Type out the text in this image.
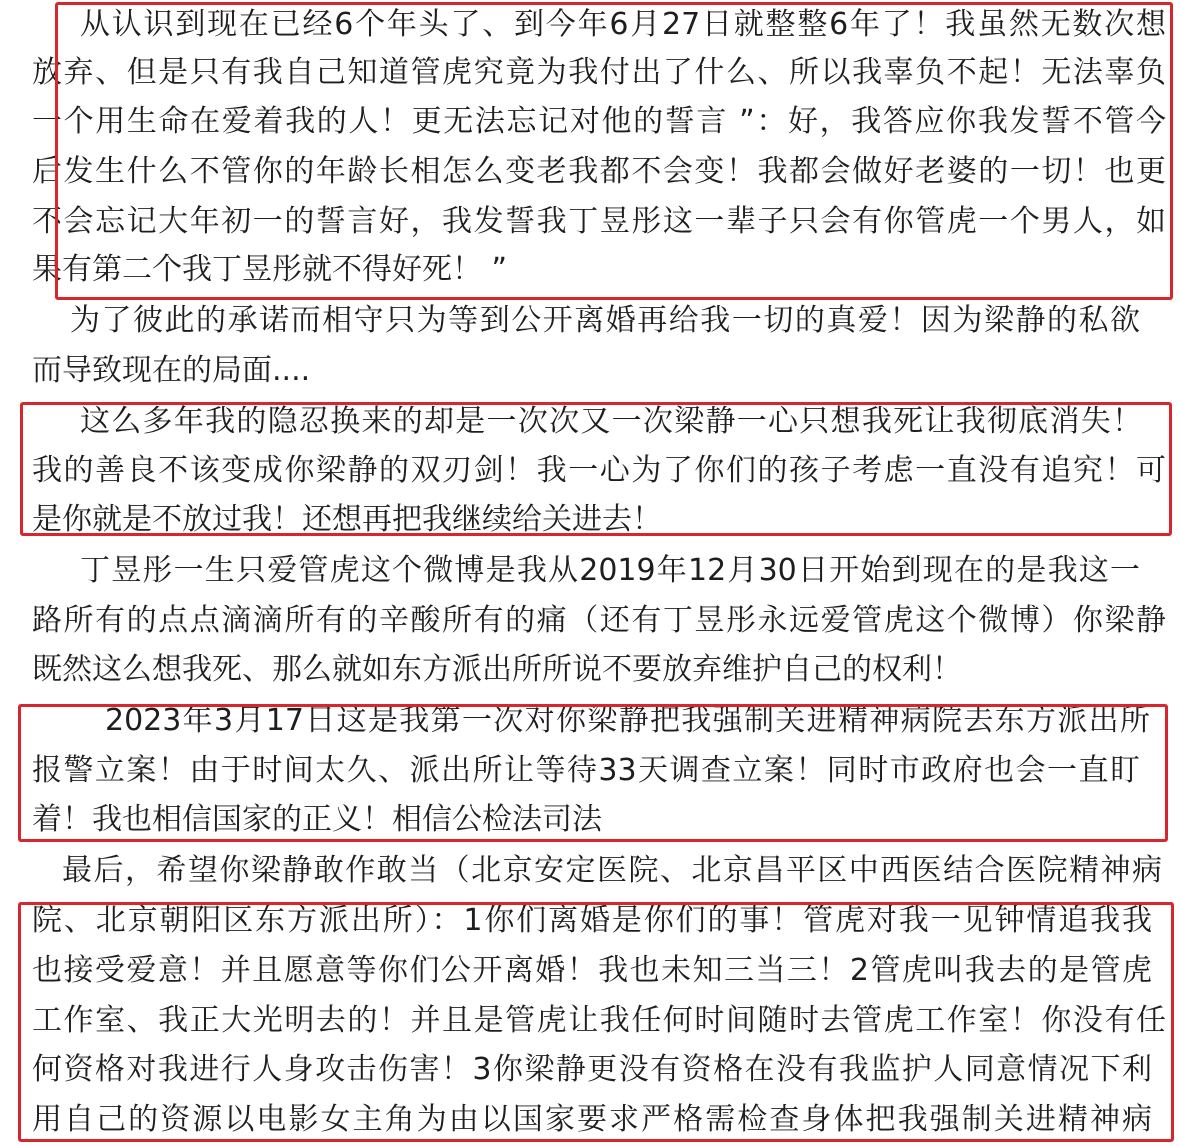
从认识到现在已经6个年头了、到今年6月27日就整整6年了！我虽然无数次想
放弃、但是只有我自己知道管虎究竟为我付出了什么、所以我辜负不起！无法辜负
一个用生命在爱着我的人！更无法忘记对他的誓言 ”：好，我答应你我发誓不管今
后发生什么不管你的年龄长相怎么变老我都不会变！我都会做好老婆的一切！也更
不会忘记大年初一的誓言好，我发誓我丁昱彤这一辈子只会有你管虎一个男人，如
果有第二个我丁昱彤就不得好死！ ”
为了彼此的承诺而相守只为等到公开离婚再给我一切的真爱！因为梁静的私欲
而导致现在的局面....
这么多年我的隐忍换来的却是一次次又一次梁静一心只想我死让我彻底消失！
我的善良不该变成你梁静的双刃剑！我一心为了你们的孩子考虑一直没有追究！可
是你就是不放过我！还想再把我继续给关进去！
丁昱彤一生只爱管虎这个微博是我从2019年12月30日开始到现在的是我这一
路所有的点点滴滴所有的辛酸所有的痛（还有丁昱彤永远爱管虎这个微博）你梁静
既然这么想我死、那么就如东方派出所所说不要放弃维护自己的权利！
2023年3月17日这是我第一次对你梁静把我强制关进精神病院去东方派出所
报警立案！由于时间太久、派出所让等待33天调查立案！同时市政府也会一直盯
着！我也相信国家的正义！相信公检法司法
最后，希望你梁静敢作敢当（北京安定医院、北京昌平区中西医结合医院精神病
院、北京朝阳区东方派出所）：1你们离婚是你们的事！管虎对我一见钟情追我我
也接受爱意！并且愿意等你们公开离婚！我也未知三当三！2管虎叫我去的是管虎
工作室、我正大光明去的！并且是管虎让我任何时间随时去管虎工作室！你没有任
何资格对我进行人身攻击伤害！3你梁静更没有资格在没有我监护人同意情况下利
用自己的资源以电影女主角为由以国家要求严格需检查身体把我强制关进精神病
